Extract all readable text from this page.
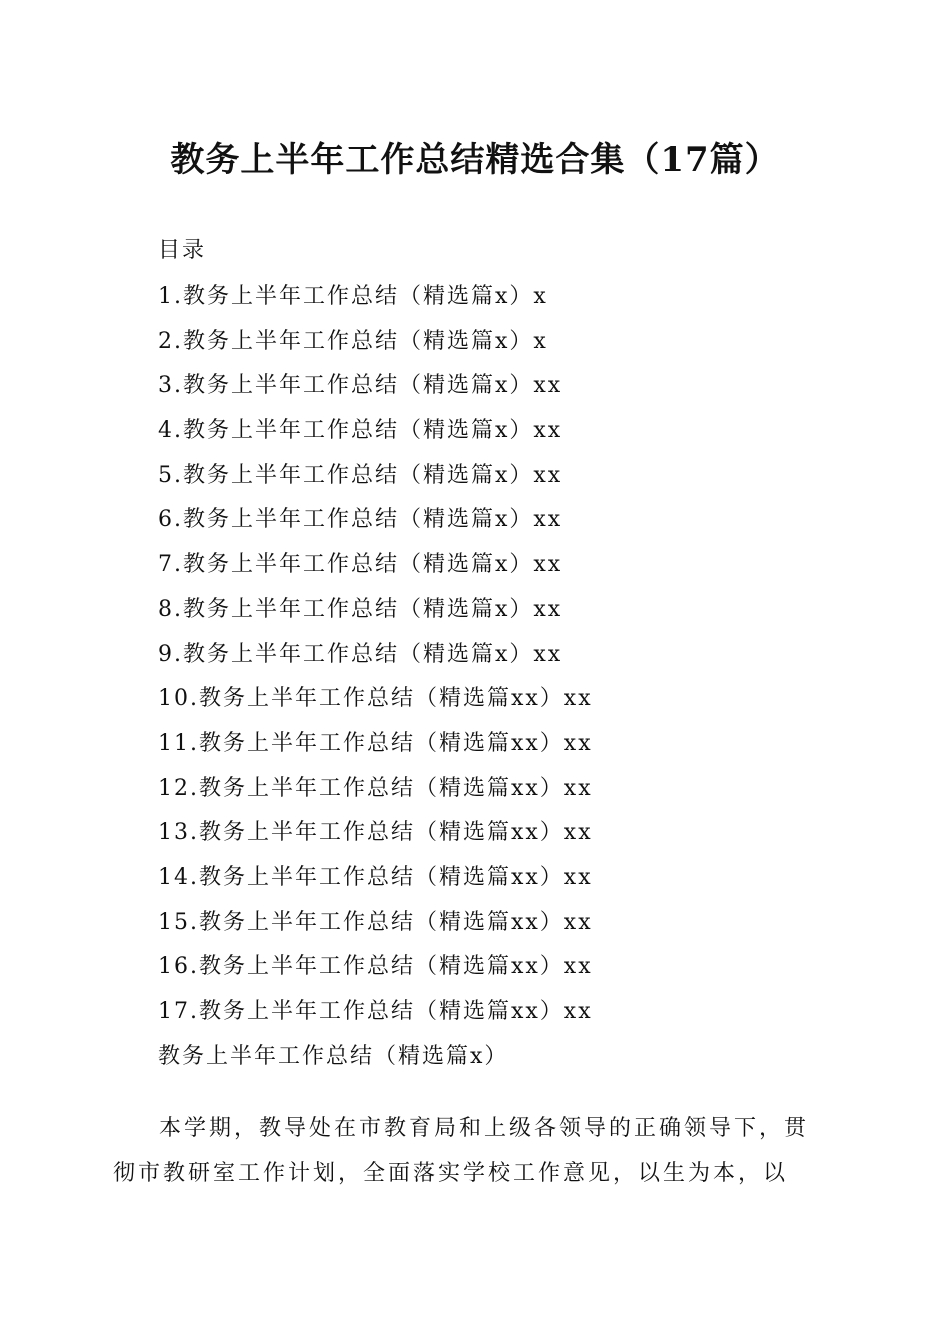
教务上半年工作总结精选合集（17篇）
目录
1.教务上半年工作总结（精选篇x）x
2.教务上半年工作总结（精选篇x）x
3.教务上半年工作总结（精选篇x）xx
4.教务上半年工作总结（精选篇x）xx
5.教务上半年工作总结（精选篇x）xx
6.教务上半年工作总结（精选篇x）xx
7.教务上半年工作总结（精选篇x）xx
8.教务上半年工作总结（精选篇x）xx
9.教务上半年工作总结（精选篇x）xx
10.教务上半年工作总结（精选篇xx）xx
11.教务上半年工作总结（精选篇xx）xx
12.教务上半年工作总结（精选篇xx）xx
13.教务上半年工作总结（精选篇xx）xx
14.教务上半年工作总结（精选篇xx）xx
15.教务上半年工作总结（精选篇xx）xx
16.教务上半年工作总结（精选篇xx）xx
17.教务上半年工作总结（精选篇xx）xx
教务上半年工作总结（精选篇x）

本学期，教导处在市教育局和上级各领导的正确领导下，贯彻市教研室工作计划，全面落实学校工作意见，以生为本，以
